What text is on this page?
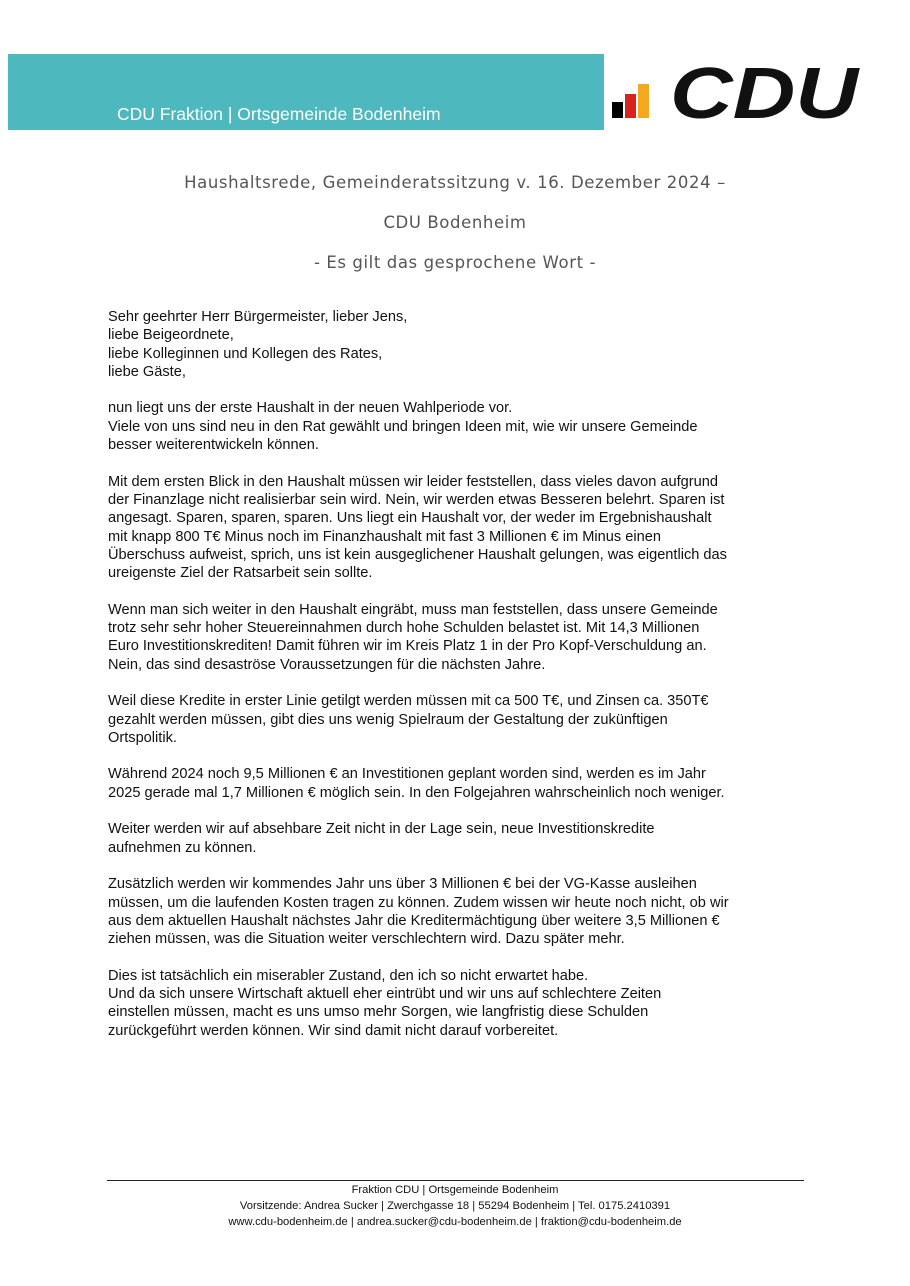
CDU Fraktion | Ortsgemeinde Bodenheim	CDU
Haushaltsrede, Gemeinderatssitzung v. 16. Dezember 2024 –
CDU Bodenheim
- Es gilt das gesprochene Wort -

Sehr geehrter Herr Bürgermeister, lieber Jens,
liebe Beigeordnete,
liebe Kolleginnen und Kollegen des Rates,
liebe Gäste,

nun liegt uns der erste Haushalt in der neuen Wahlperiode vor.
Viele von uns sind neu in den Rat gewählt und bringen Ideen mit, wie wir unsere Gemeinde
besser weiterentwickeln können.

Mit dem ersten Blick in den Haushalt müssen wir leider feststellen, dass vieles davon aufgrund
der Finanzlage nicht realisierbar sein wird. Nein, wir werden etwas Besseren belehrt. Sparen ist
angesagt. Sparen, sparen, sparen. Uns liegt ein Haushalt vor, der weder im Ergebnishaushalt
mit knapp 800 T€ Minus noch im Finanzhaushalt mit fast 3 Millionen € im Minus einen
Überschuss aufweist, sprich, uns ist kein ausgeglichener Haushalt gelungen, was eigentlich das
ureigenste Ziel der Ratsarbeit sein sollte.

Wenn man sich weiter in den Haushalt eingräbt, muss man feststellen, dass unsere Gemeinde
trotz sehr sehr hoher Steuereinnahmen durch hohe Schulden belastet ist. Mit 14,3 Millionen
Euro Investitionskrediten! Damit führen wir im Kreis Platz 1 in der Pro Kopf-Verschuldung an.
Nein, das sind desaströse Voraussetzungen für die nächsten Jahre.

Weil diese Kredite in erster Linie getilgt werden müssen mit ca 500 T€, und Zinsen ca. 350T€
gezahlt werden müssen, gibt dies uns wenig Spielraum der Gestaltung der zukünftigen
Ortspolitik.

Während 2024 noch 9,5 Millionen € an Investitionen geplant worden sind, werden es im Jahr
2025 gerade mal 1,7 Millionen € möglich sein. In den Folgejahren wahrscheinlich noch weniger.

Weiter werden wir auf absehbare Zeit nicht in der Lage sein, neue Investitionskredite
aufnehmen zu können.

Zusätzlich werden wir kommendes Jahr uns über 3 Millionen € bei der VG-Kasse ausleihen
müssen, um die laufenden Kosten tragen zu können. Zudem wissen wir heute noch nicht, ob wir
aus dem aktuellen Haushalt nächstes Jahr die Kreditermächtigung über weitere 3,5 Millionen €
ziehen müssen, was die Situation weiter verschlechtern wird. Dazu später mehr.

Dies ist tatsächlich ein miserabler Zustand, den ich so nicht erwartet habe.
Und da sich unsere Wirtschaft aktuell eher eintrübt und wir uns auf schlechtere Zeiten
einstellen müssen, macht es uns umso mehr Sorgen, wie langfristig diese Schulden
zurückgeführt werden können. Wir sind damit nicht darauf vorbereitet.

Fraktion CDU | Ortsgemeinde Bodenheim
Vorsitzende: Andrea Sucker | Zwerchgasse 18 | 55294 Bodenheim | Tel. 0175.2410391
www.cdu-bodenheim.de | andrea.sucker@cdu-bodenheim.de | fraktion@cdu-bodenheim.de
